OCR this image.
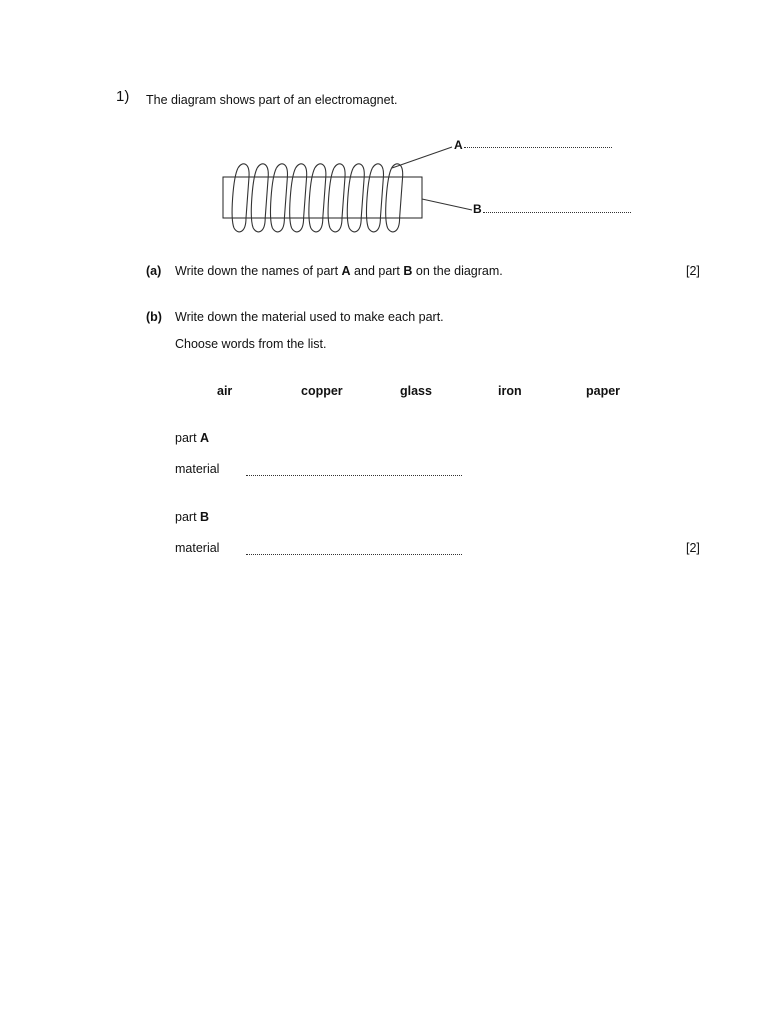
1) The diagram shows part of an electromagnet.
A
B
(a) Write down the names of part A and part B on the diagram.	[2]
(b) Write down the material used to make each part.
Choose words from the list.
air	copper	glass	iron	paper
part A
material
part B
material	[2]
